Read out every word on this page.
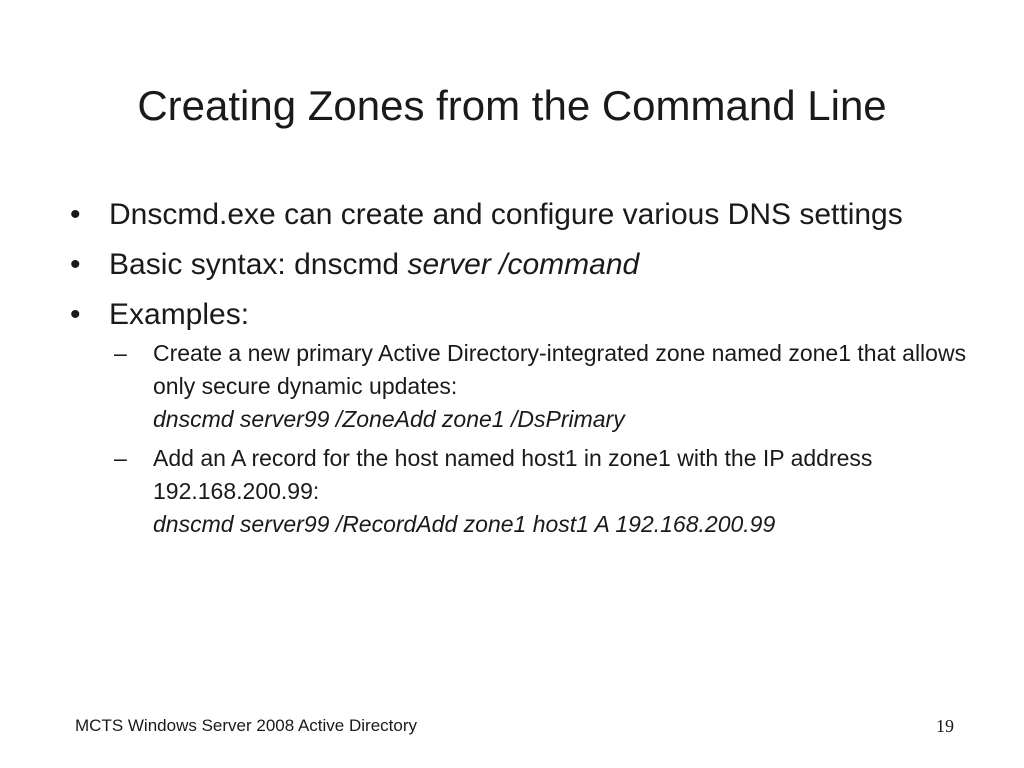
Creating Zones from the Command Line
• Dnscmd.exe can create and configure various DNS settings
• Basic syntax: dnscmd server /command
• Examples:
– Create a new primary Active Directory-integrated zone named zone1 that allows only secure dynamic updates:
dnscmd server99 /ZoneAdd zone1 /DsPrimary
– Add an A record for the host named host1 in zone1 with the IP address 192.168.200.99:
dnscmd server99 /RecordAdd zone1 host1 A 192.168.200.99
MCTS Windows Server 2008 Active Directory	19
